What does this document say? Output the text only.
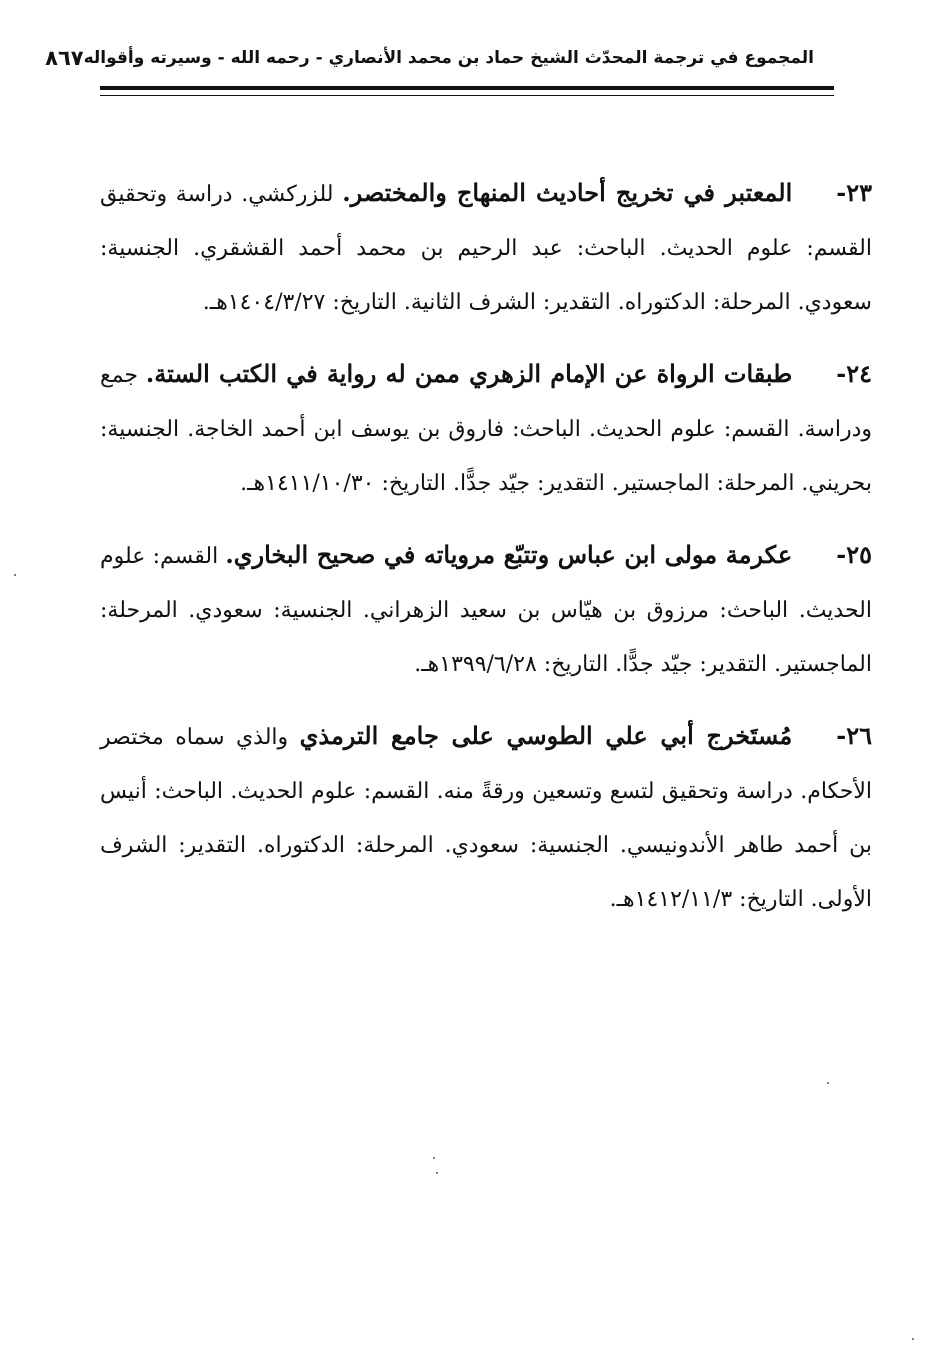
المجموع في ترجمة المحدّث الشيخ حماد بن محمد الأنصاري - رحمه الله - وسيرته وأقواله
٨٦٧

٢٣-المعتبر في تخريج أحاديث المنهاج والمختصر. للزركشي. دراسة وتحقيق القسم: علوم الحديث. الباحث: عبد الرحيم بن محمد أحمد القشقري. الجنسية: سعودي. المرحلة: الدكتوراه. التقدير: الشرف الثانية. التاريخ: ١٤٠٤/٣/٢٧هـ.

٢٤-طبقات الرواة عن الإمام الزهري ممن له رواية في الكتب الستة. جمع ودراسة. القسم: علوم الحديث. الباحث: فاروق بن يوسف ابن أحمد الخاجة. الجنسية: بحريني. المرحلة: الماجستير. التقدير: جيّد جدًّا. التاريخ: ١٤١١/١٠/٣٠هـ.

٢٥-عكرمة مولى ابن عباس وتتبّع مروياته في صحيح البخاري. القسم: علوم الحديث. الباحث: مرزوق بن هيّاس بن سعيد الزهراني. الجنسية: سعودي. المرحلة: الماجستير. التقدير: جيّد جدًّا. التاريخ: ١٣٩٩/٦/٢٨هـ.

٢٦-مُستَخرج أبي علي الطوسي على جامع الترمذي والذي سماه مختصر الأحكام. دراسة وتحقيق لتسع وتسعين ورقةً منه. القسم: علوم الحديث. الباحث: أنيس بن أحمد طاهر الأندونيسي. الجنسية: سعودي. المرحلة: الدكتوراه. التقدير: الشرف الأولى. التاريخ: ١٤١٢/١١/٣هـ.
